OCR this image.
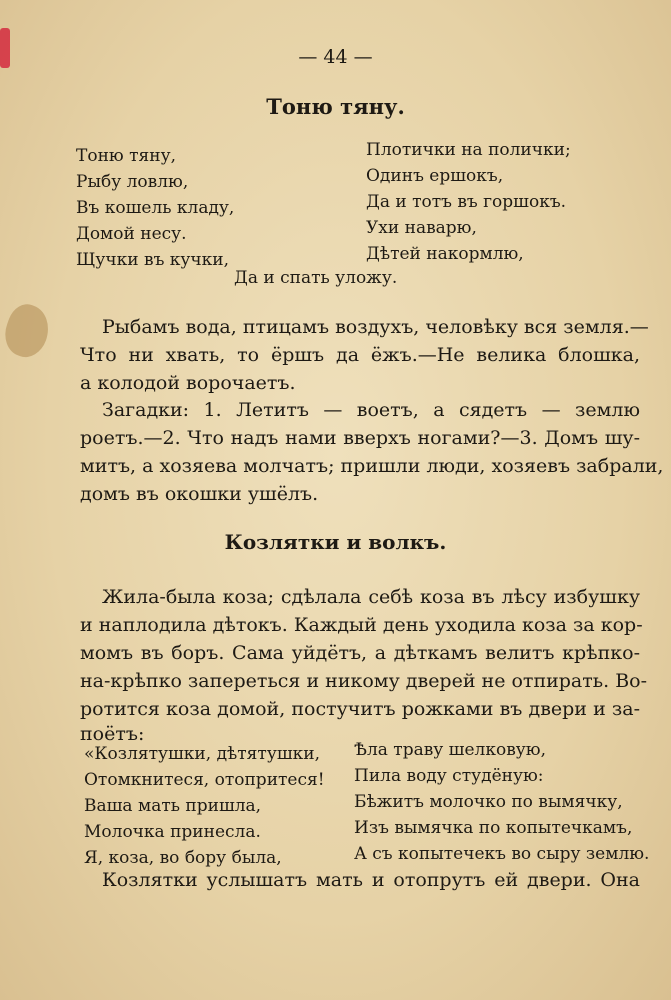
— 44 —
Тоню тяну.
Тоню тяну,
Рыбу ловлю,
Въ кошель кладу,
Домой несу.
Щучки въ кучки,
Плотички на полички;
Одинъ ершокъ,
Да и тотъ въ горшокъ.
Ухи наварю,
Дѣтей накормлю,
Да и спать уложу.
Рыбамъ вода, птицамъ воздухъ, человѣку вся земля.—
Что ни хвать, то ёршъ да ёжъ.—Не велика блошка,
а колодой ворочаетъ.
Загадки: 1. Летитъ — воетъ, а сядетъ — землю
роетъ.—2. Что надъ нами вверхъ ногами?—3. Домъ шу-
митъ, а хозяева молчатъ; пришли люди, хозяевъ забрали,
домъ въ окошки ушёлъ.
Козлятки и волкъ.
Жила-была коза; сдѣлала себѣ коза въ лѣсу избушку
и наплодила дѣтокъ. Каждый день уходила коза за кор-
момъ въ боръ. Сама уйдётъ, а дѣткамъ велитъ крѣпко-
на-крѣпко запереться и никому дверей не отпирать. Во-
ротится коза домой, постучитъ рожками въ двери и за-
поётъ:
«Козлятушки, дѣтятушки,
Отомкнитеся, отопритеся!
Ваша мать пришла,
Молочка принесла.
Я, коза, во бору была,
Ѣла траву шелковую,
Пила воду студёную:
Бѣжитъ молочко по вымячку,
Изъ вымячка по копытечкамъ,
А съ копытечекъ во сыру землю.
Козлятки услышатъ мать и отопрутъ ей двери. Она
